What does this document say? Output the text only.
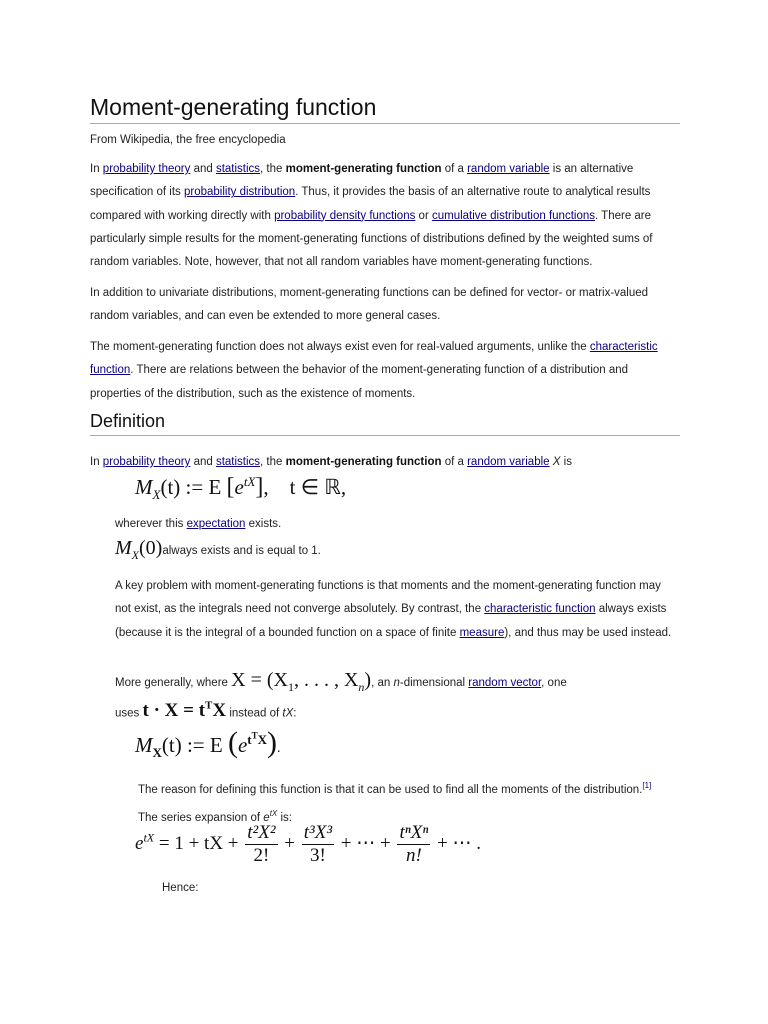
Moment-generating function
From Wikipedia, the free encyclopedia

In probability theory and statistics, the moment-generating function of a random variable is an alternative specification of its probability distribution. Thus, it provides the basis of an alternative route to analytical results compared with working directly with probability density functions or cumulative distribution functions. There are particularly simple results for the moment-generating functions of distributions defined by the weighted sums of random variables. Note, however, that not all random variables have moment-generating functions.

In addition to univariate distributions, moment-generating functions can be defined for vector- or matrix-valued random variables, and can even be extended to more general cases.

The moment-generating function does not always exist even for real-valued arguments, unlike the characteristic function. There are relations between the behavior of the moment-generating function of a distribution and properties of the distribution, such as the existence of moments.

Definition
In probability theory and statistics, the moment-generating function of a random variable X is
$M_X(t)$ := E $[e^{tX}]$,    t ∈ ℝ,
wherever this expectation exists.
$M_X(0)always$ exists and is equal to 1.

A key problem with moment-generating functions is that moments and the moment-generating function may not exist, as the integrals need not converge absolutely. By contrast, the characteristic function always exists (because it is the integral of a bounded function on a space of finite measure), and thus may be used instead.

More generally, where $X = (X_1$, . . . , $X_n$), an n-dimensional random vector, one
uses $t \cdot X = t^TX$ instead of tX:
$M_X(t)$ := E $(e^{t^TX})$.

The reason for defining this function is that it can be used to find all the moments of the distribution.[1] The series expansion of $e^{tX}$ is:

$e^{tX} = 1$ + tX + $\frac{\text{t²X²}}{2!} + \frac{\text{t³X³}}{3!}$ + ⋯ + $\frac{\text{tⁿXⁿ}}{n!}$ + ⋯ .
Hence:
